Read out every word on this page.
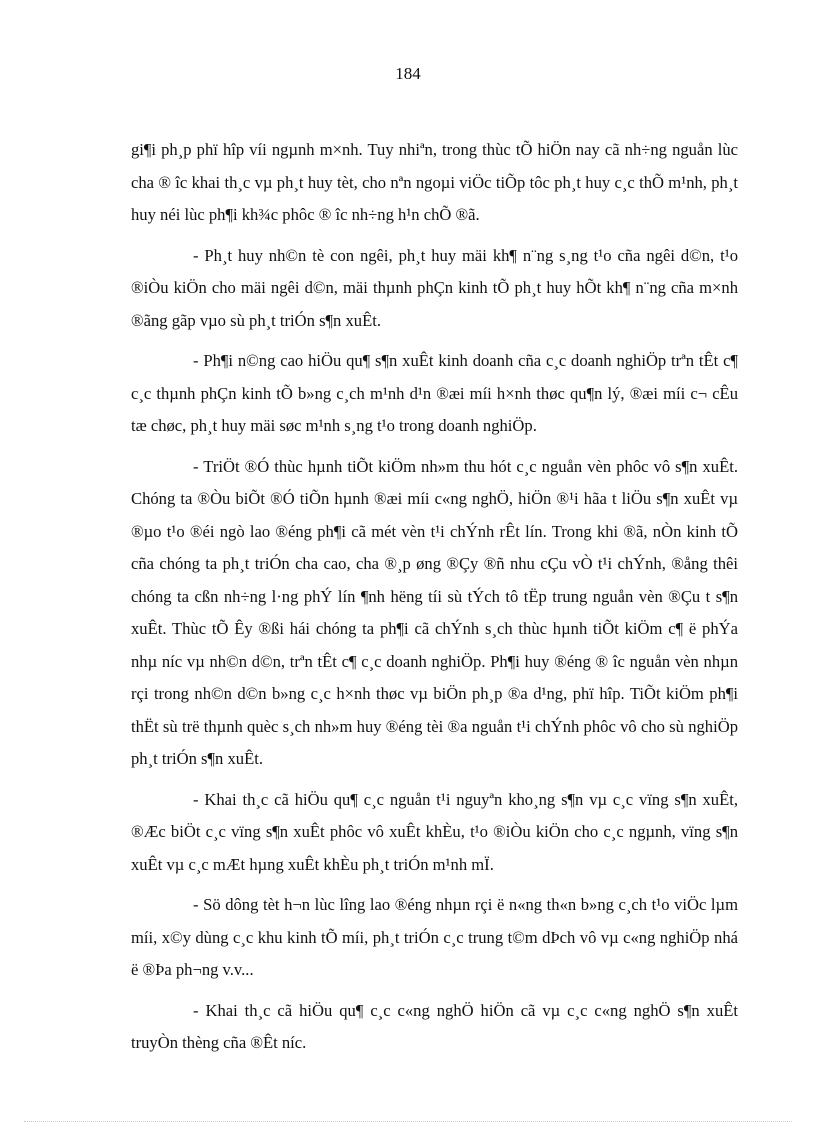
184

gi¶i ph¸p phï hîp víi ngµnh m×nh. Tuy nhiªn, trong thùc tÕ hiÖn nay cã nh÷ng nguån lùc cha ® îc khai th¸c vµ ph¸t huy tèt, cho nªn ngoµi viÖc tiÕp tôc ph¸t huy c¸c thÕ m¹nh, ph¸t huy néi lùc ph¶i kh¾c phôc ® îc nh÷ng h¹n chÕ ®ã.

- Ph¸t huy nh©n tè con ngêi, ph¸t huy mäi kh¶ n¨ng s¸ng t¹o cña ngêi d©n, t¹o ®iÒu kiÖn cho mäi ngêi d©n, mäi thµnh phÇn kinh tÕ ph¸t huy hÕt kh¶ n¨ng cña m×nh ®ãng gãp vµo sù ph¸t triÓn s¶n xuÊt.

- Ph¶i n©ng cao hiÖu qu¶ s¶n xuÊt kinh doanh cña c¸c doanh nghiÖp trªn tÊt c¶ c¸c thµnh phÇn kinh tÕ b»ng c¸ch m¹nh d¹n ®æi míi h×nh thøc qu¶n lý, ®æi míi c¬ cÊu tæ chøc, ph¸t huy mäi søc m¹nh s¸ng t¹o trong doanh nghiÖp.

- TriÖt ®Ó thùc hµnh tiÕt kiÖm nh»m thu hót c¸c nguån vèn phôc vô s¶n xuÊt. Chóng ta ®Òu biÕt ®Ó tiÕn hµnh ®æi míi c«ng nghÖ, hiÖn ®¹i hãa t liÖu s¶n xuÊt vµ ®µo t¹o ®éi ngò lao ®éng ph¶i cã mét vèn t¹i chÝnh rÊt lín. Trong khi ®ã, nÒn kinh tÕ cña chóng ta ph¸t triÓn cha cao, cha ®¸p øng ®Çy ®ñ nhu cÇu vÒ t¹i chÝnh, ®ång thêi chóng ta cßn nh÷ng l·ng phÝ lín ¶nh hëng tíi sù tÝch tô tËp trung nguån vèn ®Çu t s¶n xuÊt. Thùc tÕ Êy ®ßi hái chóng ta ph¶i cã chÝnh s¸ch thùc hµnh tiÕt kiÖm c¶ ë phÝa nhµ níc vµ nh©n d©n, trªn tÊt c¶ c¸c doanh nghiÖp. Ph¶i huy ®éng ® îc nguån vèn nhµn rçi trong nh©n d©n b»ng c¸c h×nh thøc vµ biÖn ph¸p ®a d¹ng, phï hîp. TiÕt kiÖm ph¶i thËt sù trë thµnh quèc s¸ch nh»m huy ®éng tèi ®a nguån t¹i chÝnh phôc vô cho sù nghiÖp ph¸t triÓn s¶n xuÊt.

- Khai th¸c cã hiÖu qu¶ c¸c nguån t¹i nguyªn kho¸ng s¶n vµ c¸c vïng s¶n xuÊt, ®Æc biÖt c¸c vïng s¶n xuÊt phôc vô xuÊt khÈu, t¹o ®iÒu kiÖn cho c¸c ngµnh, vïng s¶n xuÊt vµ c¸c mÆt hµng xuÊt khÈu ph¸t triÓn m¹nh mÏ.

- Sö dông tèt h¬n lùc lîng lao ®éng nhµn rçi ë n«ng th«n b»ng c¸ch t¹o viÖc lµm míi, x©y dùng c¸c khu kinh tÕ míi, ph¸t triÓn c¸c trung t©m dÞch vô vµ c«ng nghiÖp nhá ë ®Þa ph¬ng v.v...

- Khai th¸c cã hiÖu qu¶ c¸c c«ng nghÖ hiÖn cã vµ c¸c c«ng nghÖ s¶n xuÊt truyÒn thèng cña ®Êt níc.
